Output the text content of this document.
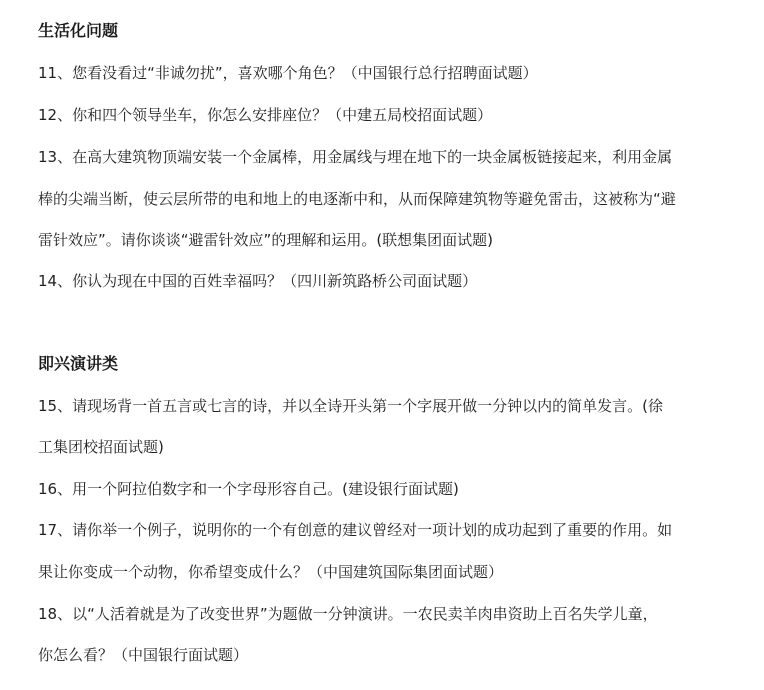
生活化问题
11、您看没看过“非诚勿扰”，喜欢哪个角色？（中国银行总行招聘面试题）
12、你和四个领导坐车，你怎么安排座位？（中建五局校招面试题）
13、在高大建筑物顶端安装一个金属棒，用金属线与埋在地下的一块金属板链接起来，利用金属
棒的尖端当断，使云层所带的电和地上的电逐渐中和，从而保障建筑物等避免雷击，这被称为“避
雷针效应”。请你谈谈“避雷针效应”的理解和运用。(联想集团面试题)
14、你认为现在中国的百姓幸福吗？（四川新筑路桥公司面试题）
即兴演讲类
15、请现场背一首五言或七言的诗，并以全诗开头第一个字展开做一分钟以内的简单发言。(徐
工集团校招面试题)
16、用一个阿拉伯数字和一个字母形容自己。(建设银行面试题)
17、请你举一个例子，说明你的一个有创意的建议曾经对一项计划的成功起到了重要的作用。如
果让你变成一个动物，你希望变成什么？（中国建筑国际集团面试题）
18、以“人活着就是为了改变世界”为题做一分钟演讲。一农民卖羊肉串资助上百名失学儿童，
你怎么看？（中国银行面试题）
